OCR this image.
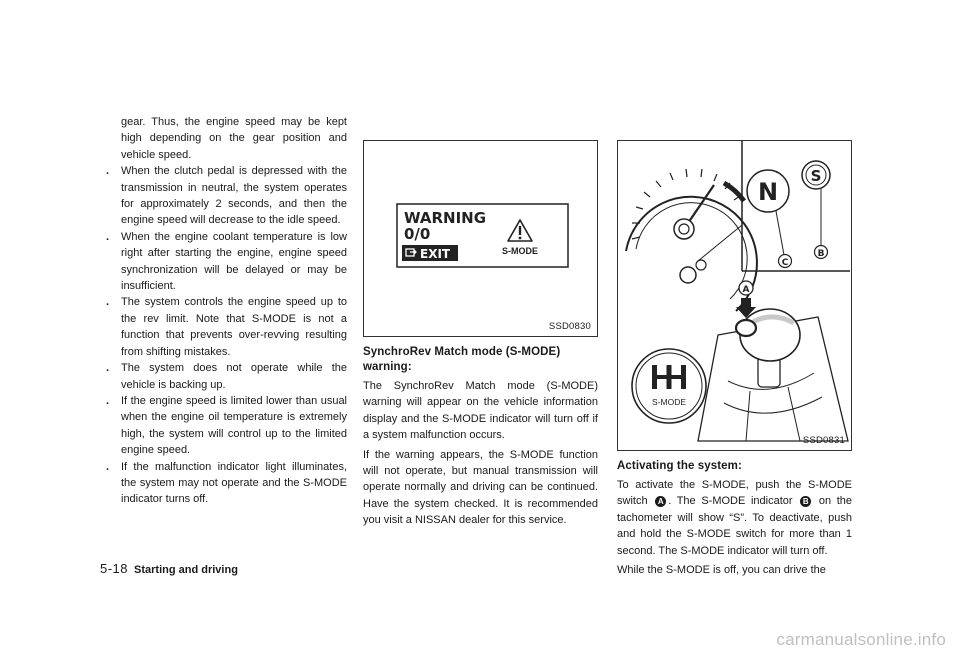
gear. Thus, the engine speed may be kept high depending on the gear position and vehicle speed.

. When the clutch pedal is depressed with the transmission in neutral, the system operates for approximately 2 seconds, and then the engine speed will decrease to the idle speed.
. When the engine coolant temperature is low right after starting the engine, engine speed synchronization will be delayed or may be insufficient.
. The system controls the engine speed up to the rev limit. Note that S-MODE is not a function that prevents over-revving resulting from shifting mistakes.
. The system does not operate while the vehicle is backing up.
. If the engine speed is limited lower than usual when the engine oil temperature is extremely high, the system will control up to the limited engine speed.
. If the malfunction indicator light illuminates, the system may not operate and the S-MODE indicator turns off.
WARNING
0/0
EXIT	S-MODE
SSD0830

SynchroRev Match mode (S-MODE) warning:

The SynchroRev Match mode (S-MODE) warning will appear on the vehicle information display and the S-MODE indicator will turn off if a system malfunction occurs.

If the warning appears, the S-MODE function will not operate, but manual transmission will operate normally and driving can be continued. Have the system checked. It is recommended you visit a NISSAN dealer for this service.

N
S
B
C
A
S-MODE
SSD0831

Activating the system:

To activate the S-MODE, push the S-MODE switch A . The S-MODE indicator B on the tachometer will show “S”. To deactivate, push and hold the S-MODE switch for more than 1 second. The S-MODE indicator will turn off.

While the S-MODE is off, you can drive the

5-18 Starting and driving
carmanualsonline.info
